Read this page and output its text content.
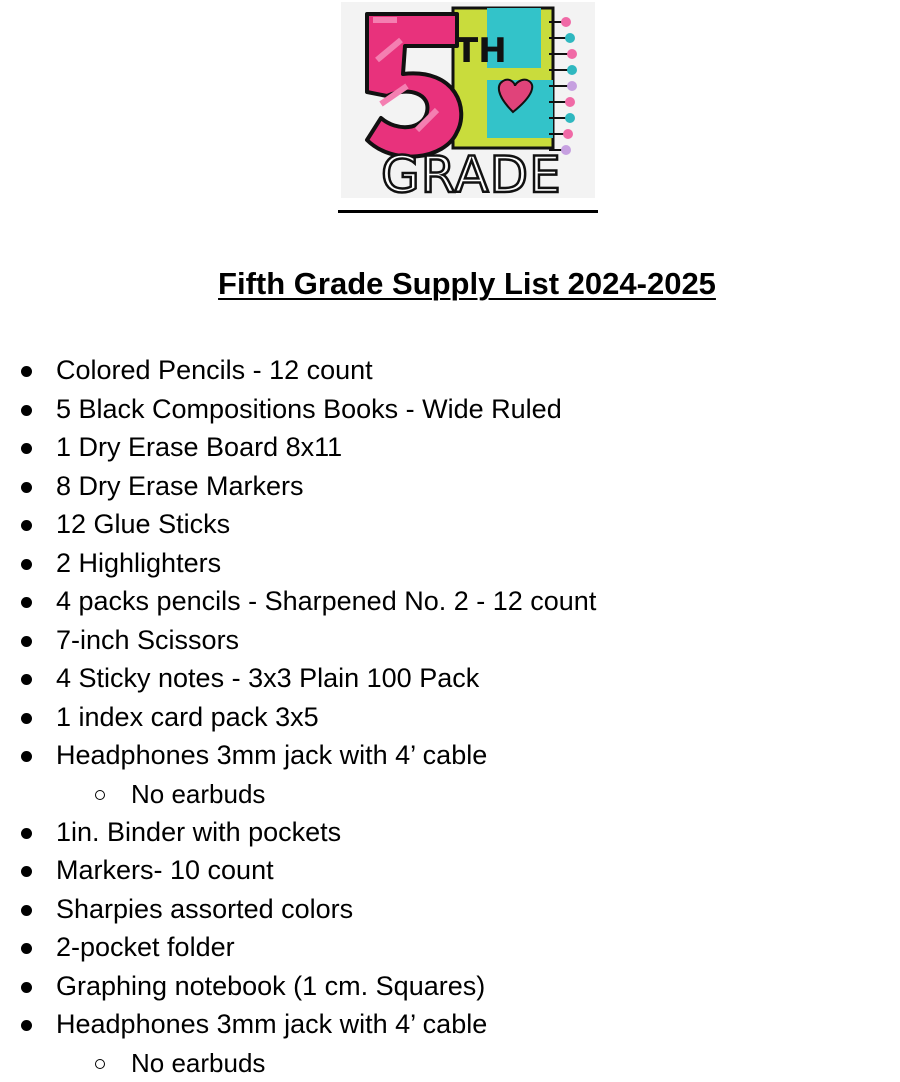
TH
GRADE
Fifth Grade Supply List 2024-2025
Colored Pencils - 12 count
5 Black Compositions Books - Wide Ruled
1 Dry Erase Board 8x11
8 Dry Erase Markers
12 Glue Sticks
2 Highlighters
4 packs pencils - Sharpened No. 2 - 12 count
7-inch Scissors
4 Sticky notes - 3x3 Plain 100 Pack
1 index card pack 3x5
Headphones 3mm jack with 4’ cable
No earbuds
1in. Binder with pockets
Markers- 10 count
Sharpies assorted colors
2-pocket folder
Graphing notebook (1 cm. Squares)
Headphones 3mm jack with 4’ cable
No earbuds
